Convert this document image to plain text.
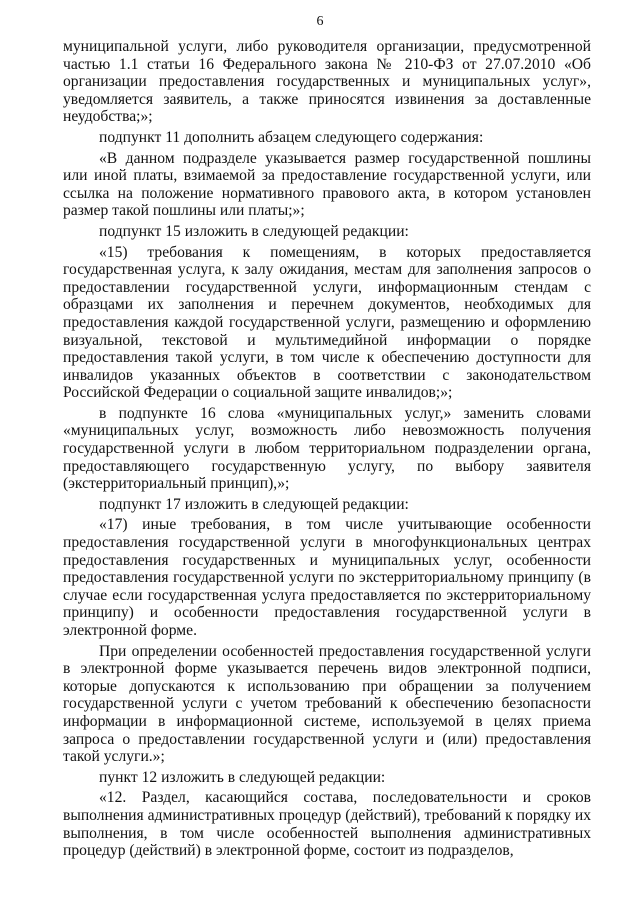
6

муниципальной услуги, либо руководителя организации, предусмотренной частью 1.1 статьи 16 Федерального закона № 210-ФЗ от 27.07.2010 «Об организации предоставления государственных и муниципальных услуг», уведомляется заявитель, а также приносятся извинения за доставленные неудобства;»;

подпункт 11 дополнить абзацем следующего содержания:

«В данном подразделе указывается размер государственной пошлины или иной платы, взимаемой за предоставление государственной услуги, или ссылка на положение нормативного правового акта, в котором установлен размер такой пошлины или платы;»;

подпункт 15 изложить в следующей редакции:

«15) требования к помещениям, в которых предоставляется государственная услуга, к залу ожидания, местам для заполнения запросов о предоставлении государственной услуги, информационным стендам с образцами их заполнения и перечнем документов, необходимых для предоставления каждой государственной услуги, размещению и оформлению визуальной, текстовой и мультимедийной информации о порядке предоставления такой услуги, в том числе к обеспечению доступности для инвалидов указанных объектов в соответствии с законодательством Российской Федерации о социальной защите инвалидов;»;

в подпункте 16 слова «муниципальных услуг,» заменить словами «муниципальных услуг, возможность либо невозможность получения государственной услуги в любом территориальном подразделении органа, предоставляющего государственную услугу, по выбору заявителя (экстерриториальный принцип),»;

подпункт 17 изложить в следующей редакции:

«17) иные требования, в том числе учитывающие особенности предоставления государственной услуги в многофункциональных центрах предоставления государственных и муниципальных услуг, особенности предоставления государственной услуги по экстерриториальному принципу (в случае если государственная услуга предоставляется по экстерриториальному принципу) и особенности предоставления государственной услуги в электронной форме.

При определении особенностей предоставления государственной услуги в электронной форме указывается перечень видов электронной подписи, которые допускаются к использованию при обращении за получением государственной услуги с учетом требований к обеспечению безопасности информации в информационной системе, используемой в целях приема запроса о предоставлении государственной услуги и (или) предоставления такой услуги.»;

пункт 12 изложить в следующей редакции:

«12. Раздел, касающийся состава, последовательности и сроков выполнения административных процедур (действий), требований к порядку их выполнения, в том числе особенностей выполнения административных процедур (действий) в электронной форме, состоит из подразделов,
